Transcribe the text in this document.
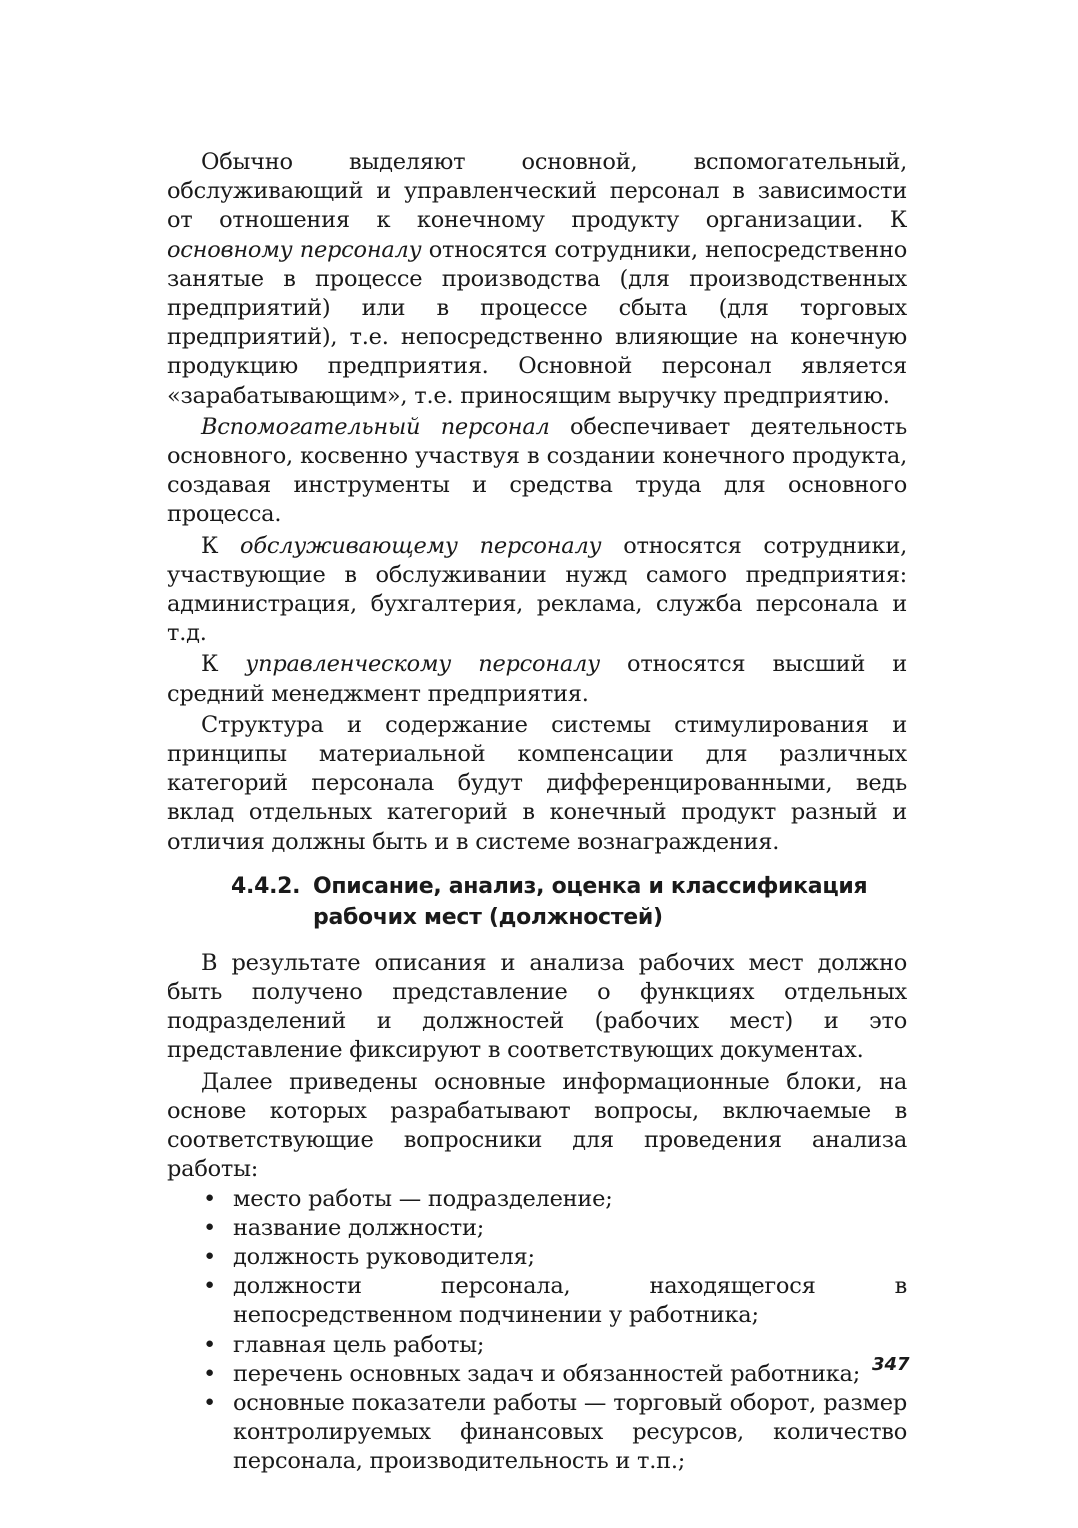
Обычно выделяют основной, вспомогательный, обслуживающий и управленческий персонал в зависимости от отношения к конечному продукту организации. К основному персоналу относятся сотрудники, непосредственно занятые в процессе производства (для производственных предприятий) или в процессе сбыта (для торговых предприятий), т.е. непосредственно влияющие на конечную продукцию предприятия. Основной персонал является «зарабатывающим», т.е. приносящим выручку предприятию.

Вспомогательный персонал обеспечивает деятельность основного, косвенно участвуя в создании конечного продукта, создавая инструменты и средства труда для основного процесса.

К обслуживающему персоналу относятся сотрудники, участвующие в обслуживании нужд самого предприятия: администрация, бухгалтерия, реклама, служба персонала и т.д.

К управленческому персоналу относятся высший и средний менеджмент предприятия.

Структура и содержание системы стимулирования и принципы материальной компенсации для различных категорий персонала будут дифференцированными, ведь вклад отдельных категорий в конечный продукт разный и отличия должны быть и в системе вознаграждения.

4.4.2. Описание, анализ, оценка и классификация рабочих мест (должностей)

В результате описания и анализа рабочих мест должно быть получено представление о функциях отдельных подразделений и должностей (рабочих мест) и это представление фиксируют в соответствующих документах.

Далее приведены основные информационные блоки, на основе которых разрабатывают вопросы, включаемые в соответствующие вопросники для проведения анализа работы:

• место работы — подразделение;
• название должности;
• должность руководителя;
• должности персонала, находящегося в непосредственном подчинении у работника;
• главная цель работы;
• перечень основных задач и обязанностей работника;
• основные показатели работы — торговый оборот, размер контролируемых финансовых ресурсов, количество персонала, производительность и т.п.;
347
